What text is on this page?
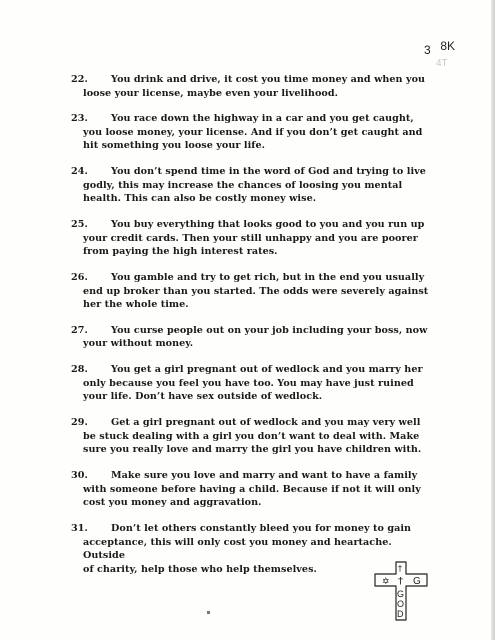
3 8K
4T
22. You drink and drive, it cost you time money and when you
loose your license, maybe even your livelihood.
23. You race down the highway in a car and you get caught,
you loose money, your license. And if you don’t get caught and
hit something you loose your life.
24. You don’t spend time in the word of God and trying to live
godly, this may increase the chances of loosing you mental
health. This can also be costly money wise.
25. You buy everything that looks good to you and you run up
your credit cards. Then your still unhappy and you are poorer
from paying the high interest rates.
26. You gamble and try to get rich, but in the end you usually
end up broker than you started. The odds were severely against
her the whole time.
27. You curse people out on your job including your boss, now
your without money.
28. You get a girl pregnant out of wedlock and you marry her
only because you feel you have too. You may have just ruined
your life. Don’t have sex outside of wedlock.
29. Get a girl pregnant out of wedlock and you may very well
be stuck dealing with a girl you don’t want to deal with. Make
sure you really love and marry the girl you have children with.
30. Make sure you love and marry and want to have a family
with someone before having a child. Because if not it will only
cost you money and aggravation.
31. Don’t let others constantly bleed you for money to gain
acceptance, this will only cost you money and heartache. Outside
of charity, help those who help themselves.
✡ † G
†
G
O
D
